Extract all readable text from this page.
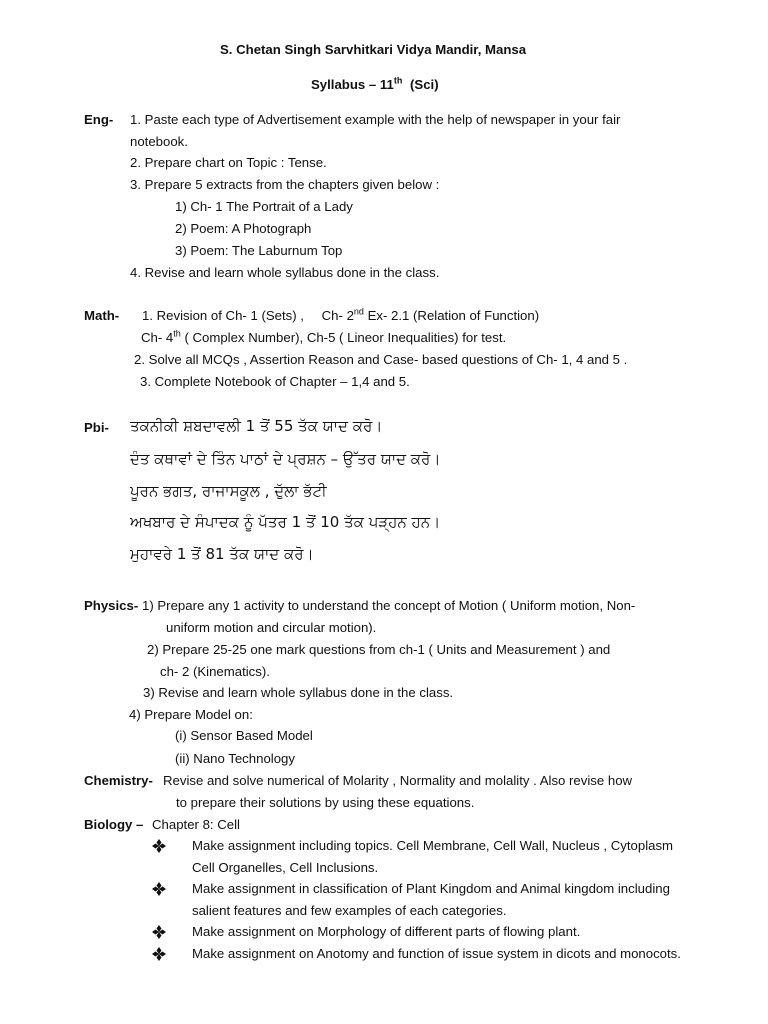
S. Chetan Singh Sarvhitkari Vidya Mandir, Mansa
Syllabus – 11th (Sci)
Eng- 1. Paste each type of Advertisement example with the help of newspaper in your fair
notebook.
2. Prepare chart on Topic : Tense.
3. Prepare 5 extracts from the chapters given below :
1) Ch- 1 The Portrait of a Lady
2) Poem: A Photograph
3) Poem: The Laburnum Top
4. Revise and learn whole syllabus done in the class.
Math- 1. Revision of Ch- 1 (Sets) , Ch- 2nd Ex- 2.1 (Relation of Function)
Ch- 4th ( Complex Number), Ch-5 ( Lineor Inequalities) for test.
2. Solve all MCQs , Assertion Reason and Case- based questions of Ch- 1, 4 and 5 .
3. Complete Notebook of Chapter – 1,4 and 5.
Pbi- ਤਕਨੀਕੀ ਸ਼ਬਦਾਵਲੀ 1 ਤੋਂ 55 ਤੱਕ ਯਾਦ ਕਰੋ।
ਦੰਤ ਕਥਾਵਾਂ ਦੇ ਤਿੰਨ ਪਾਠਾਂ ਦੇ ਪ੍ਰਸ਼ਨ – ਉੱਤਰ ਯਾਦ ਕਰੋ।
ਪੂਰਨ ਭਗਤ, ਰਾਜਾਸਕੂਲ , ਦੁੱਲਾ ਭੱਟੀ
ਅਖਬਾਰ ਦੇ ਸੰਪਾਦਕ ਨੂੰ ਪੱਤਰ 1 ਤੋਂ 10 ਤੱਕ ਪੜ੍ਹਨ ਹਨ।
ਮੁਹਾਵਰੇ 1 ਤੋਂ 81 ਤੱਕ ਯਾਦ ਕਰੋ।
Physics- 1) Prepare any 1 activity to understand the concept of Motion ( Uniform motion, Non-
uniform motion and circular motion).
2) Prepare 25-25 one mark questions from ch-1 ( Units and Measurement ) and
ch- 2 (Kinematics).
3) Revise and learn whole syllabus done in the class.
4) Prepare Model on:
(i) Sensor Based Model
(ii) Nano Technology
Chemistry- Revise and solve numerical of Molarity , Normality and molality . Also revise how
to prepare their solutions by using these equations.
Biology – Chapter 8: Cell
Make assignment including topics. Cell Membrane, Cell Wall, Nucleus , Cytoplasm
Cell Organelles, Cell Inclusions.
Make assignment in classification of Plant Kingdom and Animal kingdom including
salient features and few examples of each categories.
Make assignment on Morphology of different parts of flowing plant.
Make assignment on Anotomy and function of issue system in dicots and monocots.
